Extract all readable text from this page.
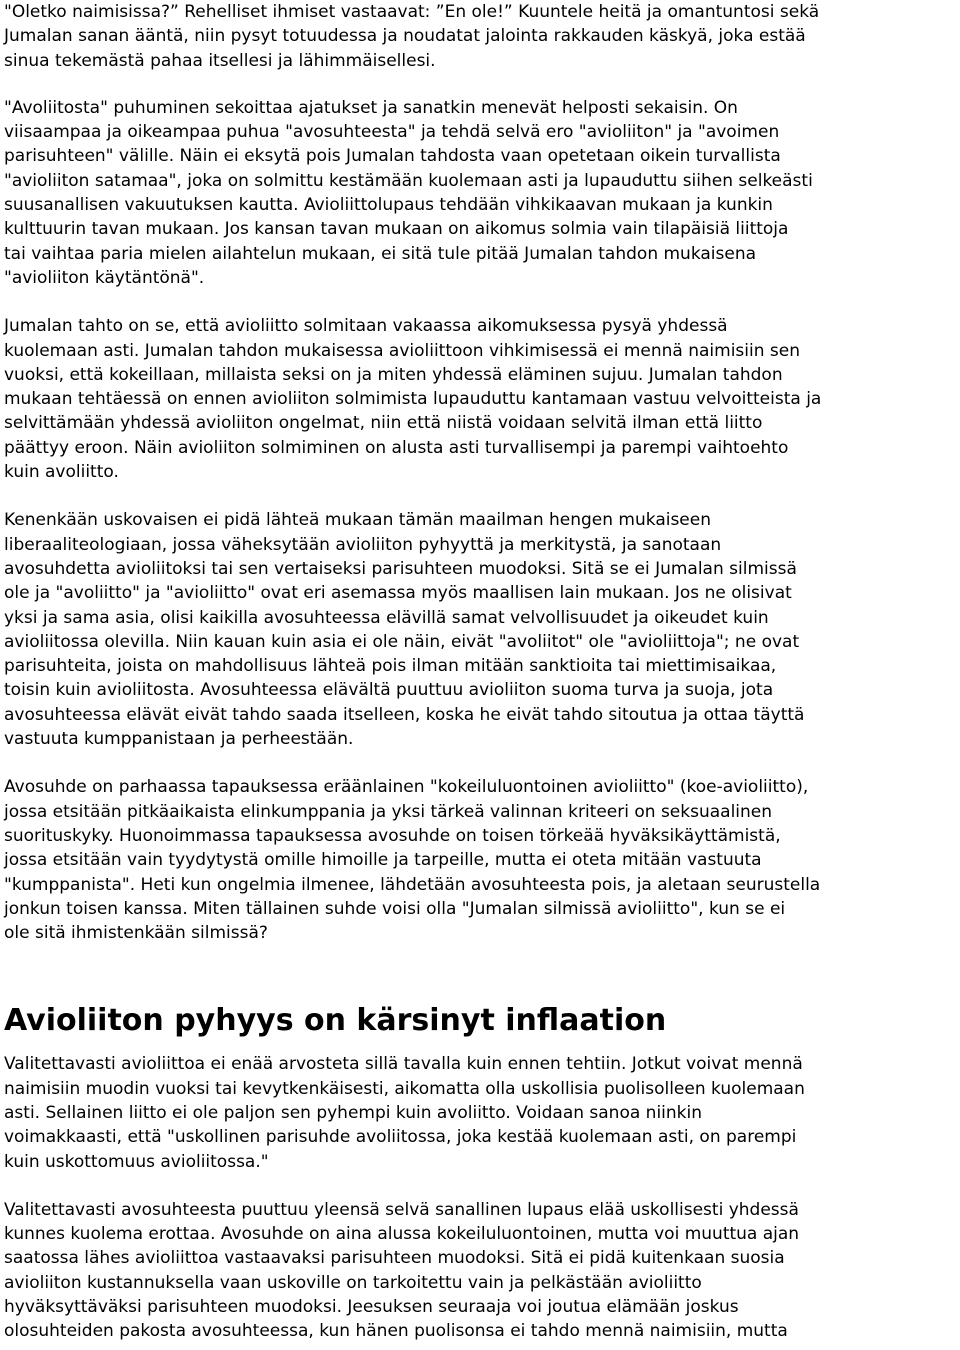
"Oletko naimisissa?” Rehelliset ihmiset vastaavat: ”En ole!” Kuuntele heitä ja omantuntosi sekä
Jumalan sanan ääntä, niin pysyt totuudessa ja noudatat jalointa rakkauden käskyä, joka estää
sinua tekemästä pahaa itsellesi ja lähimmäisellesi.
"Avoliitosta" puhuminen sekoittaa ajatukset ja sanatkin menevät helposti sekaisin. On
viisaampaa ja oikeampaa puhua "avosuhteesta" ja tehdä selvä ero "avioliiton" ja "avoimen
parisuhteen" välille. Näin ei eksytä pois Jumalan tahdosta vaan opetetaan oikein turvallista
"avioliiton satamaa", joka on solmittu kestämään kuolemaan asti ja lupauduttu siihen selkeästi
suusanallisen vakuutuksen kautta. Avioliittolupaus tehdään vihkikaavan mukaan ja kunkin
kulttuurin tavan mukaan. Jos kansan tavan mukaan on aikomus solmia vain tilapäisiä liittoja
tai vaihtaa paria mielen ailahtelun mukaan, ei sitä tule pitää Jumalan tahdon mukaisena
"avioliiton käytäntönä".
Jumalan tahto on se, että avioliitto solmitaan vakaassa aikomuksessa pysyä yhdessä
kuolemaan asti. Jumalan tahdon mukaisessa avioliittoon vihkimisessä ei mennä naimisiin sen
vuoksi, että kokeillaan, millaista seksi on ja miten yhdessä eläminen sujuu. Jumalan tahdon
mukaan tehtäessä on ennen avioliiton solmimista lupauduttu kantamaan vastuu velvoitteista ja
selvittämään yhdessä avioliiton ongelmat, niin että niistä voidaan selvitä ilman että liitto
päättyy eroon. Näin avioliiton solmiminen on alusta asti turvallisempi ja parempi vaihtoehto
kuin avoliitto.
Kenenkään uskovaisen ei pidä lähteä mukaan tämän maailman hengen mukaiseen
liberaaliteologiaan, jossa väheksytään avioliiton pyhyyttä ja merkitystä, ja sanotaan
avosuhdetta avioliitoksi tai sen vertaiseksi parisuhteen muodoksi. Sitä se ei Jumalan silmissä
ole ja "avoliitto" ja "avioliitto" ovat eri asemassa myös maallisen lain mukaan. Jos ne olisivat
yksi ja sama asia, olisi kaikilla avosuhteessa elävillä samat velvollisuudet ja oikeudet kuin
avioliitossa olevilla. Niin kauan kuin asia ei ole näin, eivät "avoliitot" ole "avioliittoja"; ne ovat
parisuhteita, joista on mahdollisuus lähteä pois ilman mitään sanktioita tai miettimisaikaa,
toisin kuin avioliitosta. Avosuhteessa elävältä puuttuu avioliiton suoma turva ja suoja, jota
avosuhteessa elävät eivät tahdo saada itselleen, koska he eivät tahdo sitoutua ja ottaa täyttä
vastuuta kumppanistaan ja perheestään.
Avosuhde on parhaassa tapauksessa eräänlainen "kokeiluluontoinen avioliitto" (koe-avioliitto),
jossa etsitään pitkäaikaista elinkumppania ja yksi tärkeä valinnan kriteeri on seksuaalinen
suorituskyky. Huonoimmassa tapauksessa avosuhde on toisen törkeää hyväksikäyttämistä,
jossa etsitään vain tyydytystä omille himoille ja tarpeille, mutta ei oteta mitään vastuuta
"kumppanista". Heti kun ongelmia ilmenee, lähdetään avosuhteesta pois, ja aletaan seurustella
jonkun toisen kanssa. Miten tällainen suhde voisi olla "Jumalan silmissä avioliitto", kun se ei
ole sitä ihmistenkään silmissä?
Avioliiton pyhyys on kärsinyt inflaation
Valitettavasti avioliittoa ei enää arvosteta sillä tavalla kuin ennen tehtiin. Jotkut voivat mennä
naimisiin muodin vuoksi tai kevytkenkäisesti, aikomatta olla uskollisia puolisolleen kuolemaan
asti. Sellainen liitto ei ole paljon sen pyhempi kuin avoliitto. Voidaan sanoa niinkin
voimakkaasti, että "uskollinen parisuhde avoliitossa, joka kestää kuolemaan asti, on parempi
kuin uskottomuus avioliitossa."
Valitettavasti avosuhteesta puuttuu yleensä selvä sanallinen lupaus elää uskollisesti yhdessä
kunnes kuolema erottaa. Avosuhde on aina alussa kokeiluluontoinen, mutta voi muuttua ajan
saatossa lähes avioliittoa vastaavaksi parisuhteen muodoksi. Sitä ei pidä kuitenkaan suosia
avioliiton kustannuksella vaan uskoville on tarkoitettu vain ja pelkästään avioliitto
hyväksyttäväksi parisuhteen muodoksi. Jeesuksen seuraaja voi joutua elämään joskus
olosuhteiden pakosta avosuhteessa, kun hänen puolisonsa ei tahdo mennä naimisiin, mutta
